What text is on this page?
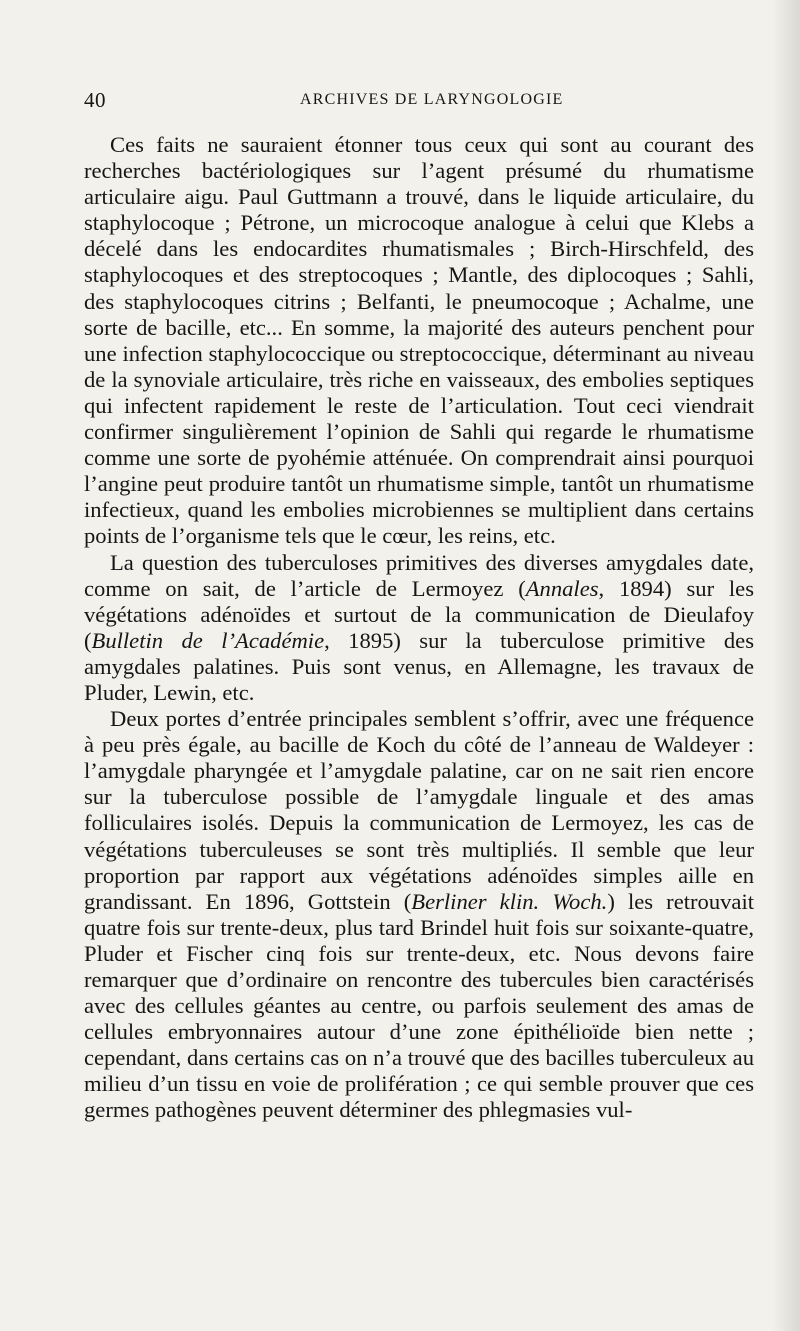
40	ARCHIVES DE LARYNGOLOGIE

Ces faits ne sauraient étonner tous ceux qui sont au courant des recherches bactériologiques sur l’agent présumé du rhumatisme articulaire aigu. Paul Guttmann a trouvé, dans le liquide articulaire, du staphylocoque ; Pétrone, un microcoque analogue à celui que Klebs a décelé dans les endocardites rhumatismales ; Birch-Hirschfeld, des staphylocoques et des streptocoques ; Mantle, des diplocoques ; Sahli, des staphylocoques citrins ; Belfanti, le pneumocoque ; Achalme, une sorte de bacille, etc... En somme, la majorité des auteurs penchent pour une infection staphylococcique ou streptococcique, déterminant au niveau de la synoviale articulaire, très riche en vaisseaux, des embolies septiques qui infectent rapidement le reste de l’articulation. Tout ceci viendrait confirmer singulièrement l’opinion de Sahli qui regarde le rhumatisme comme une sorte de pyohémie atténuée. On comprendrait ainsi pourquoi l’angine peut produire tantôt un rhumatisme simple, tantôt un rhumatisme infectieux, quand les embolies microbiennes se multiplient dans certains points de l’organisme tels que le cœur, les reins, etc.

La question des tuberculoses primitives des diverses amygdales date, comme on sait, de l’article de Lermoyez (Annales, 1894) sur les végétations adénoïdes et surtout de la communication de Dieulafoy (Bulletin de l’Académie, 1895) sur la tuberculose primitive des amygdales palatines. Puis sont venus, en Allemagne, les travaux de Pluder, Lewin, etc.

Deux portes d’entrée principales semblent s’offrir, avec une fréquence à peu près égale, au bacille de Koch du côté de l’anneau de Waldeyer : l’amygdale pharyngée et l’amygdale palatine, car on ne sait rien encore sur la tuberculose possible de l’amygdale linguale et des amas folliculaires isolés. Depuis la communication de Lermoyez, les cas de végétations tuberculeuses se sont très multipliés. Il semble que leur proportion par rapport aux végétations adénoïdes simples aille en grandissant. En 1896, Gottstein (Berliner klin. Woch.) les retrouvait quatre fois sur trente-deux, plus tard Brindel huit fois sur soixante-quatre, Pluder et Fischer cinq fois sur trente-deux, etc. Nous devons faire remarquer que d’ordinaire on rencontre des tubercules bien caractérisés avec des cellules géantes au centre, ou parfois seulement des amas de cellules embryonnaires autour d’une zone épithélioïde bien nette ; cependant, dans certains cas on n’a trouvé que des bacilles tuberculeux au milieu d’un tissu en voie de prolifération ; ce qui semble prouver que ces germes pathogènes peuvent déterminer des phlegmasies vul-
